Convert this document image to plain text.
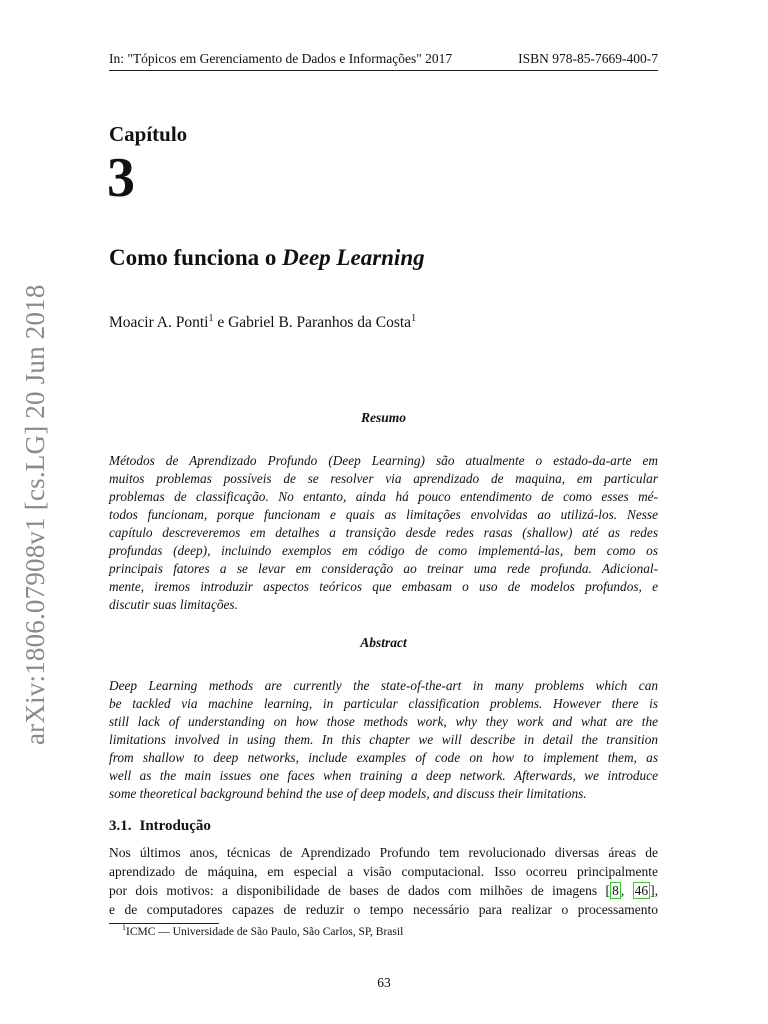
In: "Tópicos em Gerenciamento de Dados e Informações" 2017	ISBN 978-85-7669-400-7
arXiv:1806.07908v1 [cs.LG] 20 Jun 2018
Capítulo
3
Como funciona o Deep Learning
Moacir A. Ponti$^1$ e Gabriel B. Paranhos da Costa$^1$
Resumo
Métodos de Aprendizado Profundo (Deep Learning) são atualmente o estado-da-arte em
muitos problemas possíveis de se resolver via aprendizado de maquina, em particular
problemas de classificação. No entanto, ainda há pouco entendimento de como esses mé-
todos funcionam, porque funcionam e quais as limitações envolvidas ao utilizá-los. Nesse
capítulo descreveremos em detalhes a transição desde redes rasas (shallow) até as redes
profundas (deep), incluindo exemplos em código de como implementá-las, bem como os
principais fatores a se levar em consideração ao treinar uma rede profunda. Adicional-
mente, iremos introduzir aspectos teóricos que embasam o uso de modelos profundos, e
discutir suas limitações.
Abstract
Deep Learning methods are currently the state-of-the-art in many problems which can
be tackled via machine learning, in particular classification problems. However there is
still lack of understanding on how those methods work, why they work and what are the
limitations involved in using them. In this chapter we will describe in detail the transition
from shallow to deep networks, include examples of code on how to implement them, as
well as the main issues one faces when training a deep network. Afterwards, we introduce
some theoretical background behind the use of deep models, and discuss their limitations.
3.1. Introdução
Nos últimos anos, técnicas de Aprendizado Profundo tem revolucionado diversas áreas de
aprendizado de máquina, em especial a visão computacional. Isso ocorreu principalmente
por dois motivos: a disponibilidade de bases de dados com milhões de imagens [ 8 , 46 ],
e de computadores capazes de reduzir o tempo necessário para realizar o processamento
$^1$ICMC — Universidade de São Paulo, São Carlos, SP, Brasil
63
